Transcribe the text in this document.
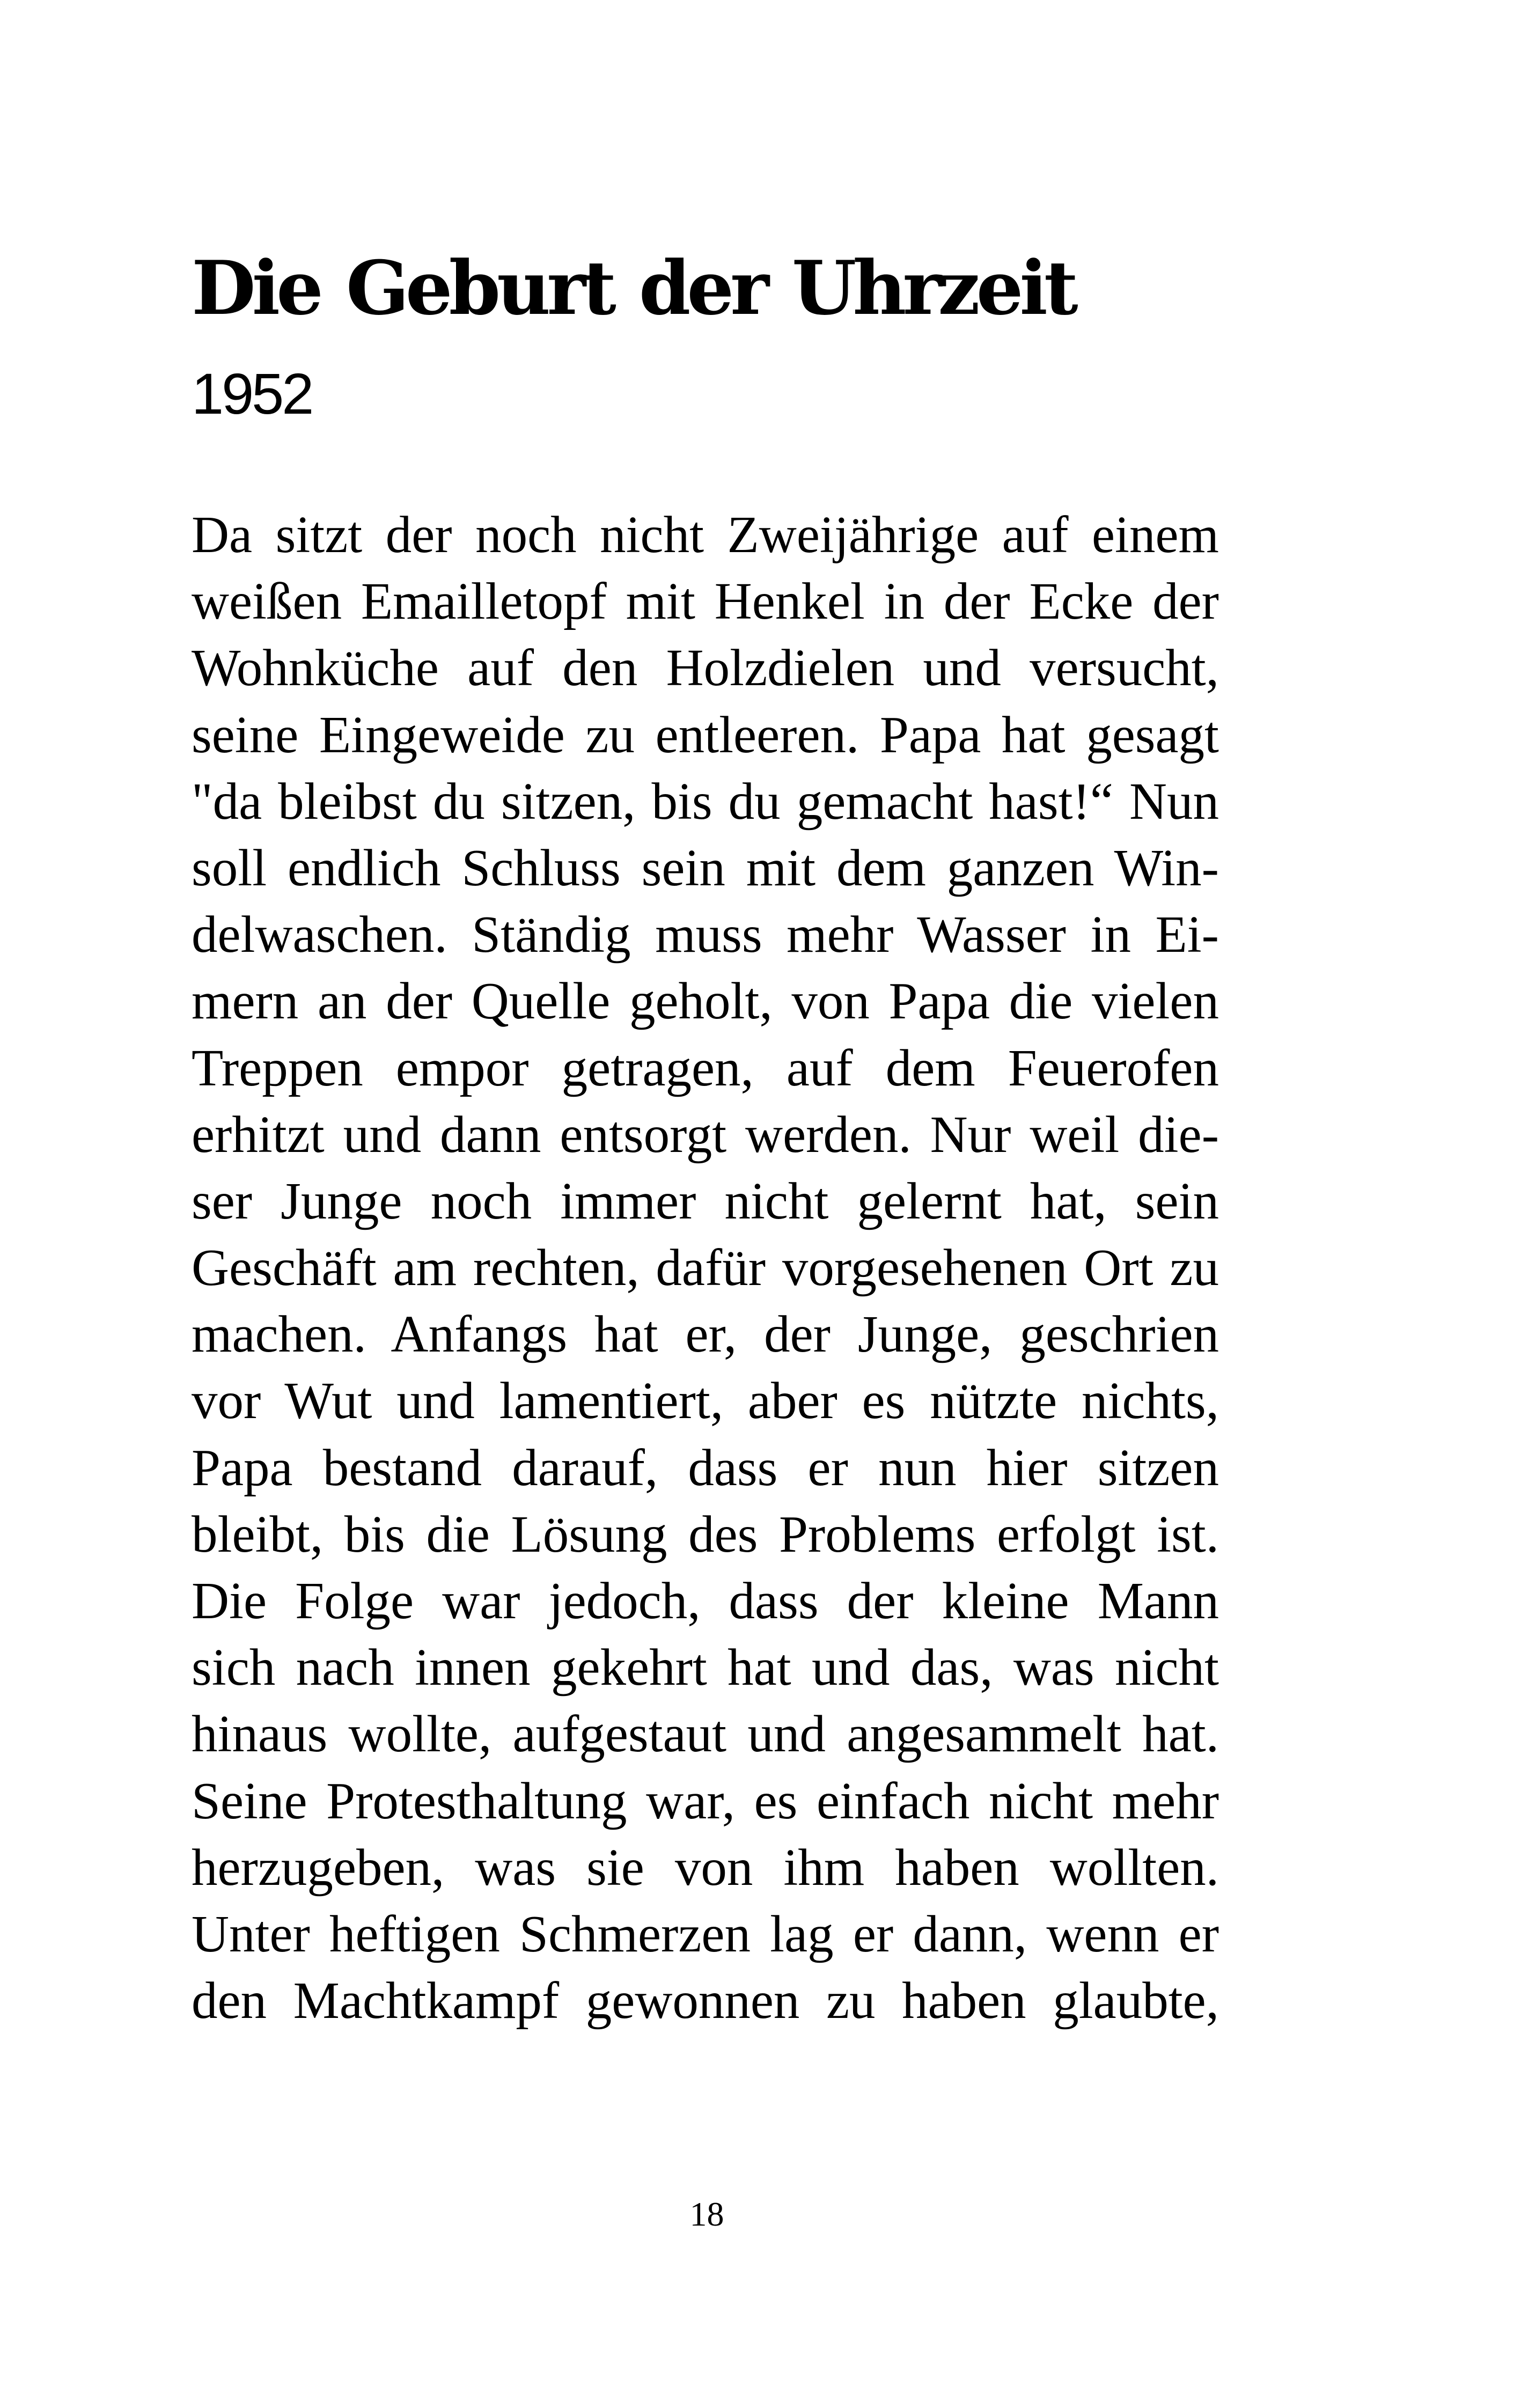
Die Geburt der Uhrzeit
1952
Da sitzt der noch nicht Zweijährige auf einem
weißen Emailletopf mit Henkel in der Ecke der
Wohnküche auf den Holzdielen und versucht,
seine Eingeweide zu entleeren. Papa hat gesagt
"da bleibst du sitzen, bis du gemacht hast!“ Nun
soll endlich Schluss sein mit dem ganzen Win-
delwaschen. Ständig muss mehr Wasser in Ei-
mern an der Quelle geholt, von Papa die vielen
Treppen empor getragen, auf dem Feuerofen
erhitzt und dann entsorgt werden. Nur weil die-
ser Junge noch immer nicht gelernt hat, sein
Geschäft am rechten, dafür vorgesehenen Ort zu
machen. Anfangs hat er, der Junge, geschrien
vor Wut und lamentiert, aber es nützte nichts,
Papa bestand darauf, dass er nun hier sitzen
bleibt, bis die Lösung des Problems erfolgt ist.
Die Folge war jedoch, dass der kleine Mann
sich nach innen gekehrt hat und das, was nicht
hinaus wollte, aufgestaut und angesammelt hat.
Seine Protesthaltung war, es einfach nicht mehr
herzugeben, was sie von ihm haben wollten.
Unter heftigen Schmerzen lag er dann, wenn er
den Machtkampf gewonnen zu haben glaubte,
18
